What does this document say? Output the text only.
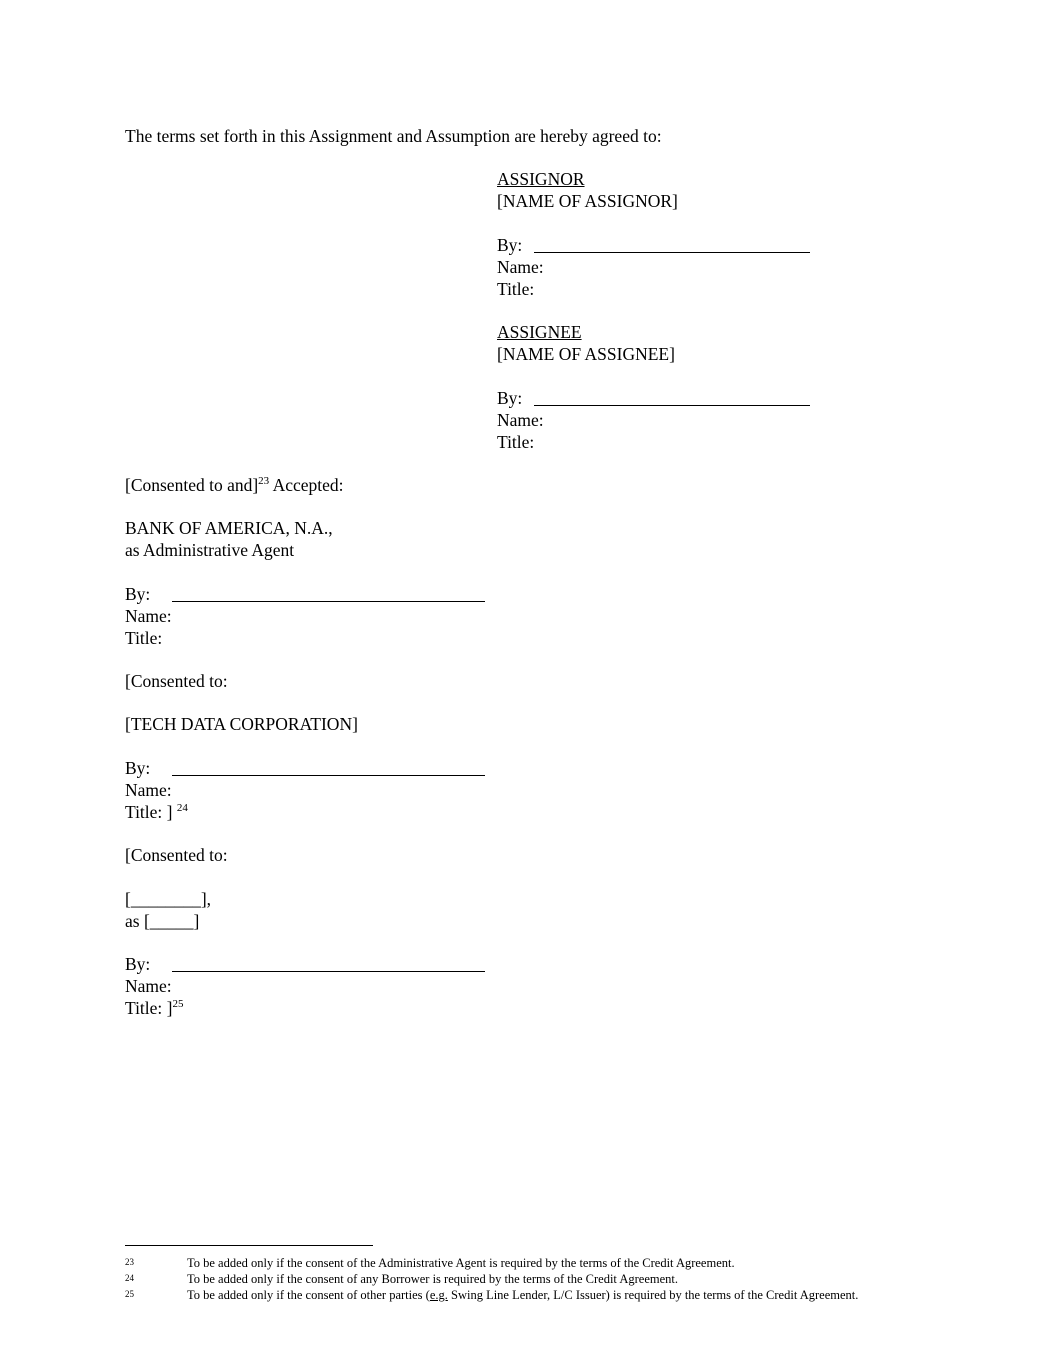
The terms set forth in this Assignment and Assumption are hereby agreed to:
ASSIGNOR
[NAME OF ASSIGNOR]
By:
Name:
Title:
ASSIGNEE
[NAME OF ASSIGNEE]
By:
Name:
Title:
[Consented to and]$^{23}$ Accepted:
BANK OF AMERICA, N.A.,
as Administrative Agent
By:
Name:
Title:
[Consented to:
[TECH DATA CORPORATION]
By:
Name:
Title: ] $^{24}$
[Consented to:
[________],
as [_____]
By:
Name:
Title: ]$^{25}$
23	To be added only if the consent of the Administrative Agent is required by the terms of the Credit Agreement.
24	To be added only if the consent of any Borrower is required by the terms of the Credit Agreement.
25	To be added only if the consent of other parties (e.g. Swing Line Lender, L/C Issuer) is required by the terms of the Credit Agreement.
